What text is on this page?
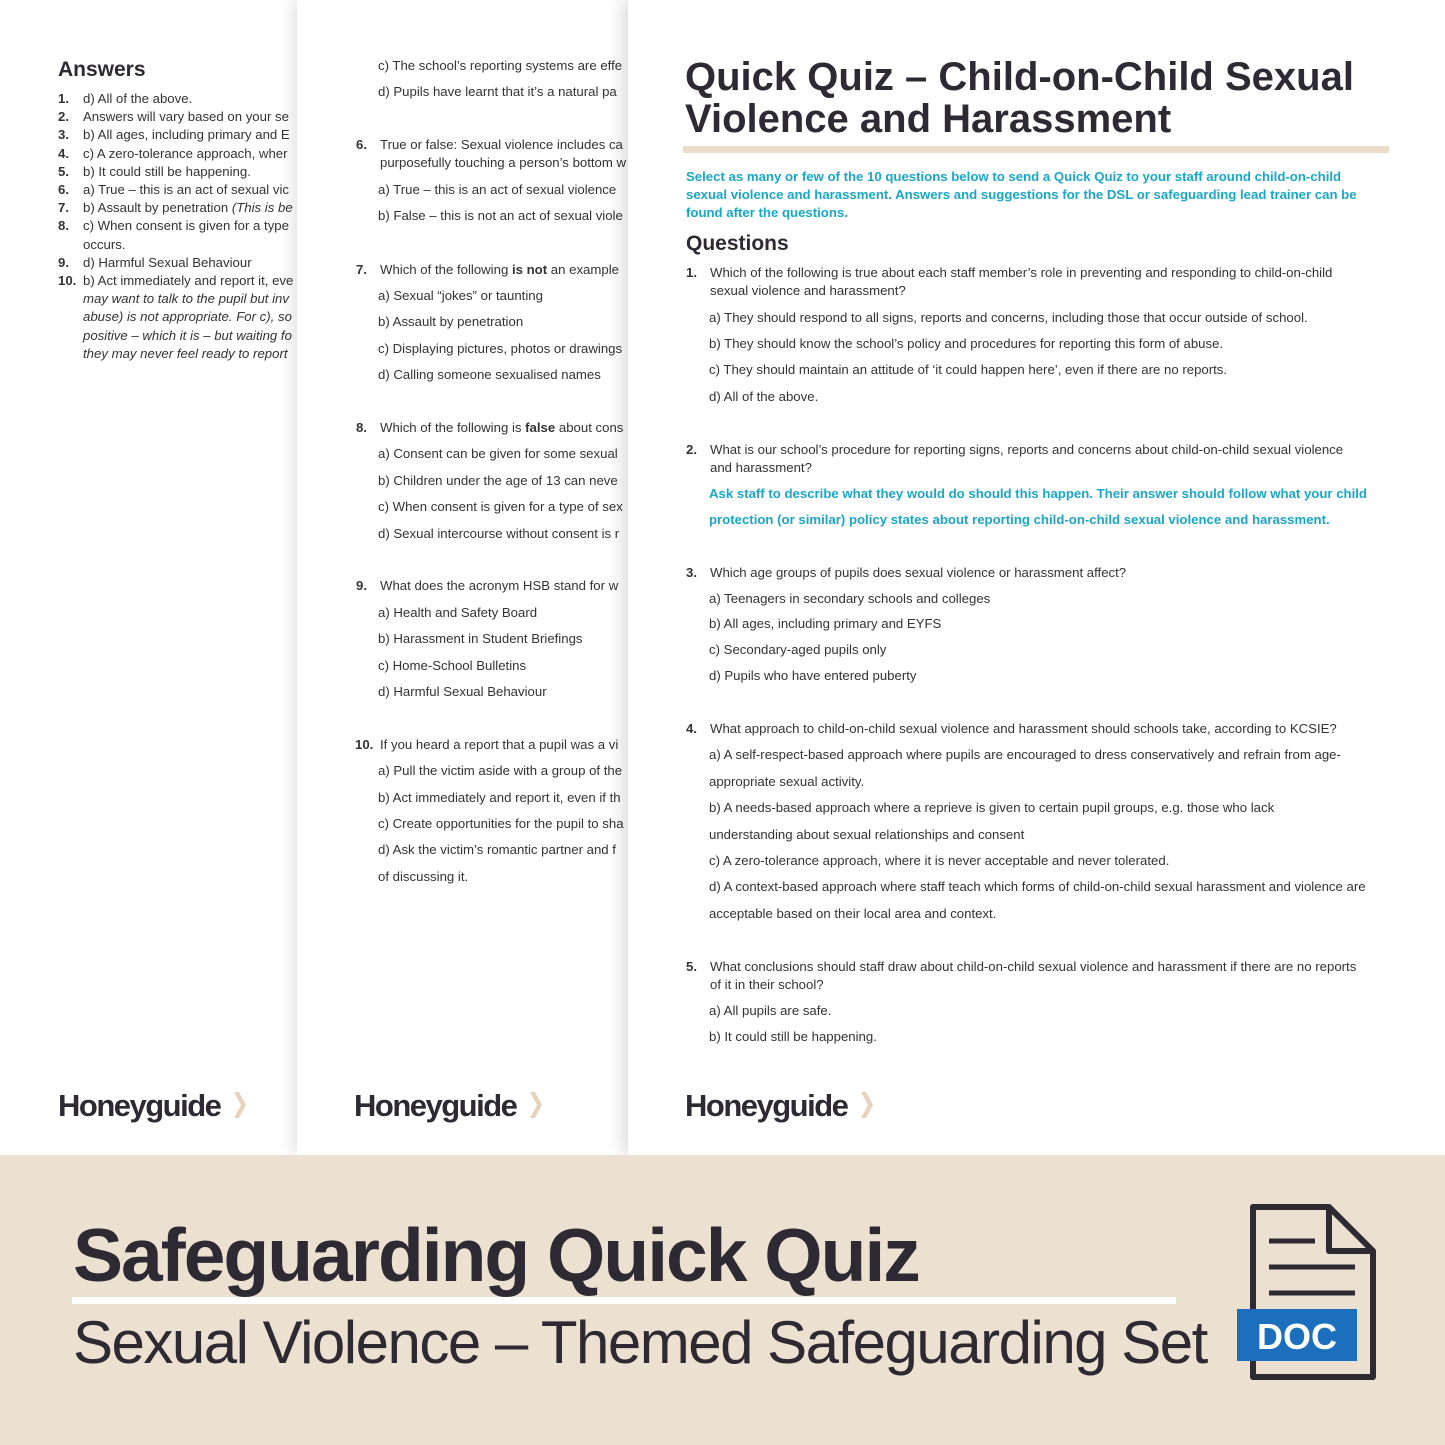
Answers
1. d) All of the above.
2. Answers will vary based on your se
3. b) All ages, including primary and E
4. c) A zero-tolerance approach, wher
5. b) It could still be happening.
6. a) True – this is an act of sexual vic
7. b) Assault by penetration (This is be
8. c) When consent is given for a type
occurs.
9. d) Harmful Sexual Behaviour
10. b) Act immediately and report it, eve
may want to talk to the pupil but inv
abuse) is not appropriate. For c), so
positive – which it is – but waiting fo
they may never feel ready to report
Honeyguide
c) The school’s reporting systems are effe
d) Pupils have learnt that it’s a natural pa
6. True or false: Sexual violence includes ca
purposefully touching a person’s bottom w
a) True – this is an act of sexual violence
b) False – this is not an act of sexual viole
7. Which of the following is not an example
a) Sexual “jokes” or taunting
b) Assault by penetration
c) Displaying pictures, photos or drawings
d) Calling someone sexualised names
8. Which of the following is false about cons
a) Consent can be given for some sexual
b) Children under the age of 13 can neve
c) When consent is given for a type of sex
d) Sexual intercourse without consent is r
9. What does the acronym HSB stand for w
a) Health and Safety Board
b) Harassment in Student Briefings
c) Home-School Bulletins
d) Harmful Sexual Behaviour
10. If you heard a report that a pupil was a vi
a) Pull the victim aside with a group of the
b) Act immediately and report it, even if th
c) Create opportunities for the pupil to sha
d) Ask the victim’s romantic partner and f
of discussing it.
Honeyguide
Quick Quiz – Child-on-Child Sexual
Violence and Harassment
Select as many or few of the 10 questions below to send a Quick Quiz to your staff around child-on-child
sexual violence and harassment. Answers and suggestions for the DSL or safeguarding lead trainer can be
found after the questions.
Questions
1. Which of the following is true about each staff member’s role in preventing and responding to child-on-child
sexual violence and harassment?
a) They should respond to all signs, reports and concerns, including those that occur outside of school.
b) They should know the school’s policy and procedures for reporting this form of abuse.
c) They should maintain an attitude of ‘it could happen here’, even if there are no reports.
d) All of the above.
2. What is our school’s procedure for reporting signs, reports and concerns about child-on-child sexual violence
and harassment?
Ask staff to describe what they would do should this happen. Their answer should follow what your child
protection (or similar) policy states about reporting child-on-child sexual violence and harassment.
3. Which age groups of pupils does sexual violence or harassment affect?
a) Teenagers in secondary schools and colleges
b) All ages, including primary and EYFS
c) Secondary-aged pupils only
d) Pupils who have entered puberty
4. What approach to child-on-child sexual violence and harassment should schools take, according to KCSIE?
a) A self-respect-based approach where pupils are encouraged to dress conservatively and refrain from age-
appropriate sexual activity.
b) A needs-based approach where a reprieve is given to certain pupil groups, e.g. those who lack
understanding about sexual relationships and consent
c) A zero-tolerance approach, where it is never acceptable and never tolerated.
d) A context-based approach where staff teach which forms of child-on-child sexual harassment and violence are
acceptable based on their local area and context.
5. What conclusions should staff draw about child-on-child sexual violence and harassment if there are no reports
of it in their school?
a) All pupils are safe.
b) It could still be happening.
Honeyguide
Safeguarding Quick Quiz
Sexual Violence – Themed Safeguarding Set DOC
